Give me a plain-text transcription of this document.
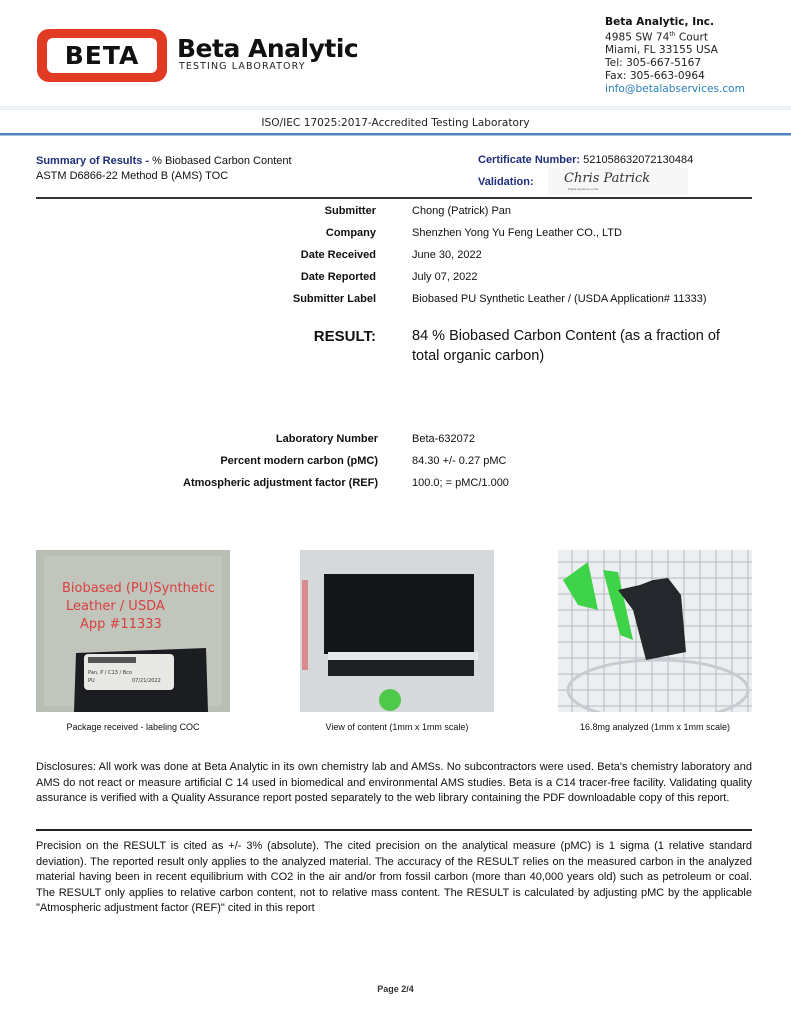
BETA	Beta Analytic
TESTING LABORATORY
Beta Analytic, Inc.
4985 SW 74th Court
Miami, FL 33155 USA
Tel: 305-667-5167
Fax: 305-663-0964
info@betalabservices.com
ISO/IEC 17025:2017-Accredited Testing Laboratory
Summary of Results - % Biobased Carbon Content
ASTM D6866-22 Method B (AMS) TOC
Certificate Number: 521058632072130484
Validation: Chris Patrick
Digital signature on file
Submitter	Chong (Patrick) Pan
Company	Shenzhen Yong Yu Feng Leather CO., LTD
Date Received	June 30, 2022
Date Reported	July 07, 2022
Submitter Label	Biobased PU Synthetic Leather / (USDA Application# 11333)
RESULT: 84 % Biobased Carbon Content (as a fraction of total organic carbon)
Laboratory Number	Beta-632072
Percent modern carbon (pMC)	84.30 +/- 0.27 pMC
Atmospheric adjustment factor (REF)	100.0; = pMC/1.000
Biobased (PU)Synthetic
Leather / USDA
App #11333
Pan, P / C13 / Bco
PU	07/21/2022
Package received - labeling COC	View of content (1mm x 1mm scale)	16.8mg analyzed (1mm x 1mm scale)
Disclosures: All work was done at Beta Analytic in its own chemistry lab and AMSs. No subcontractors were used. Beta's chemistry laboratory and AMS do not react or measure artificial C 14 used in biomedical and environmental AMS studies. Beta is a C14 tracer-free facility. Validating quality assurance is verified with a Quality Assurance report posted separately to the web library containing the PDF downloadable copy of this report.
Precision on the RESULT is cited as +/- 3% (absolute). The cited precision on the analytical measure (pMC) is 1 sigma (1 relative standard deviation). The reported result only applies to the analyzed material. The accuracy of the RESULT relies on the measured carbon in the analyzed material having been in recent equilibrium with CO2 in the air and/or from fossil carbon (more than 40,000 years old) such as petroleum or coal. The RESULT only applies to relative carbon content, not to relative mass content. The RESULT is calculated by adjusting pMC by the applicable "Atmospheric adjustment factor (REF)" cited in this report
Page 2/4
